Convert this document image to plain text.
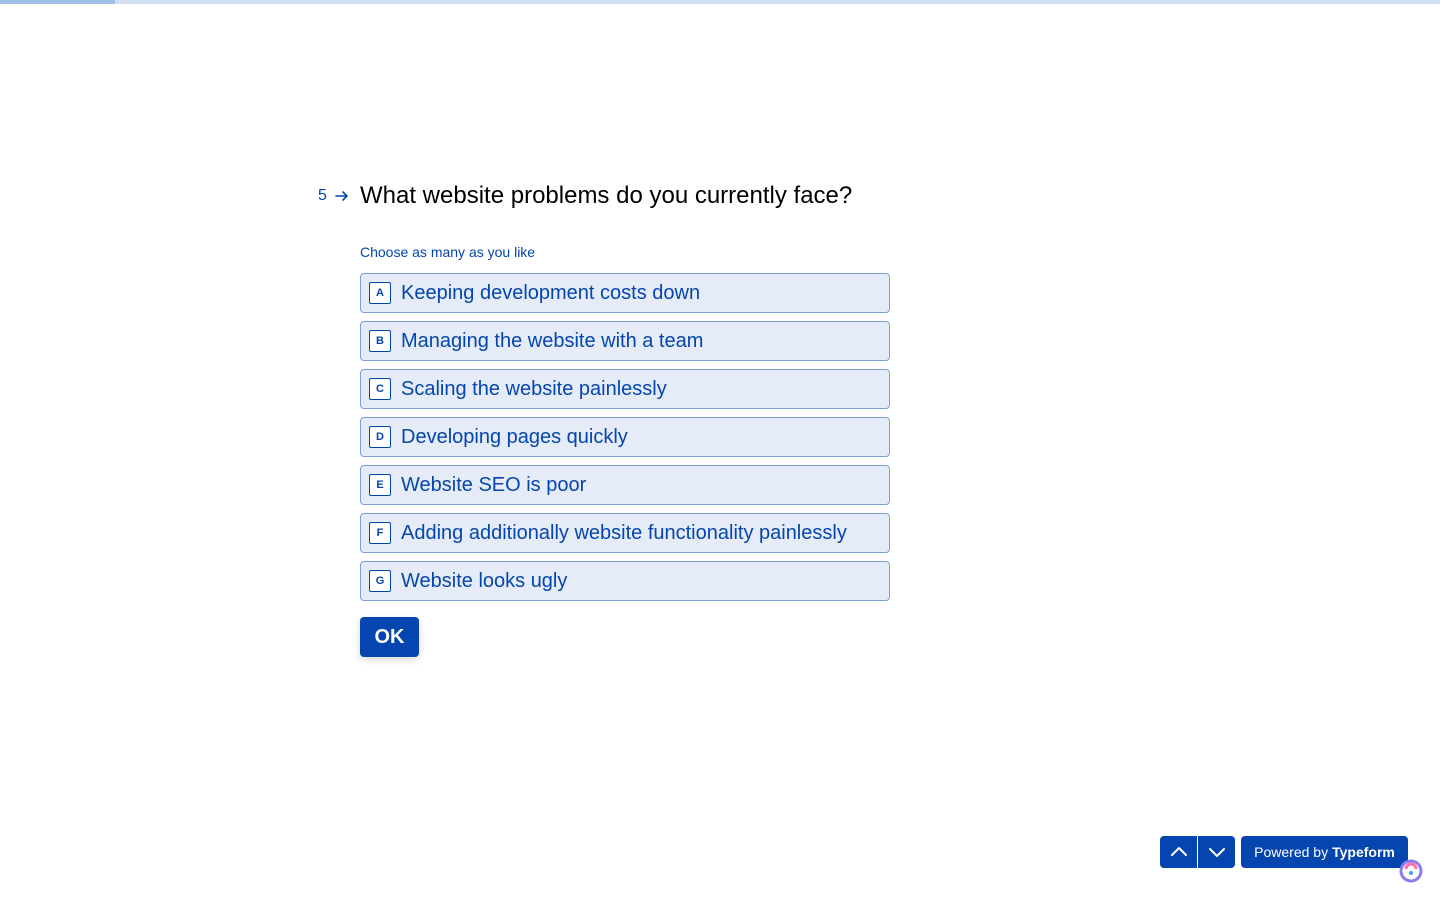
5 What website problems do you currently face?
Choose as many as you like
A Keeping development costs down
B Managing the website with a team
C Scaling the website painlessly
D Developing pages quickly
E Website SEO is poor
F Adding additionally website functionality painlessly
G Website looks ugly
OK
Powered by Typeform
